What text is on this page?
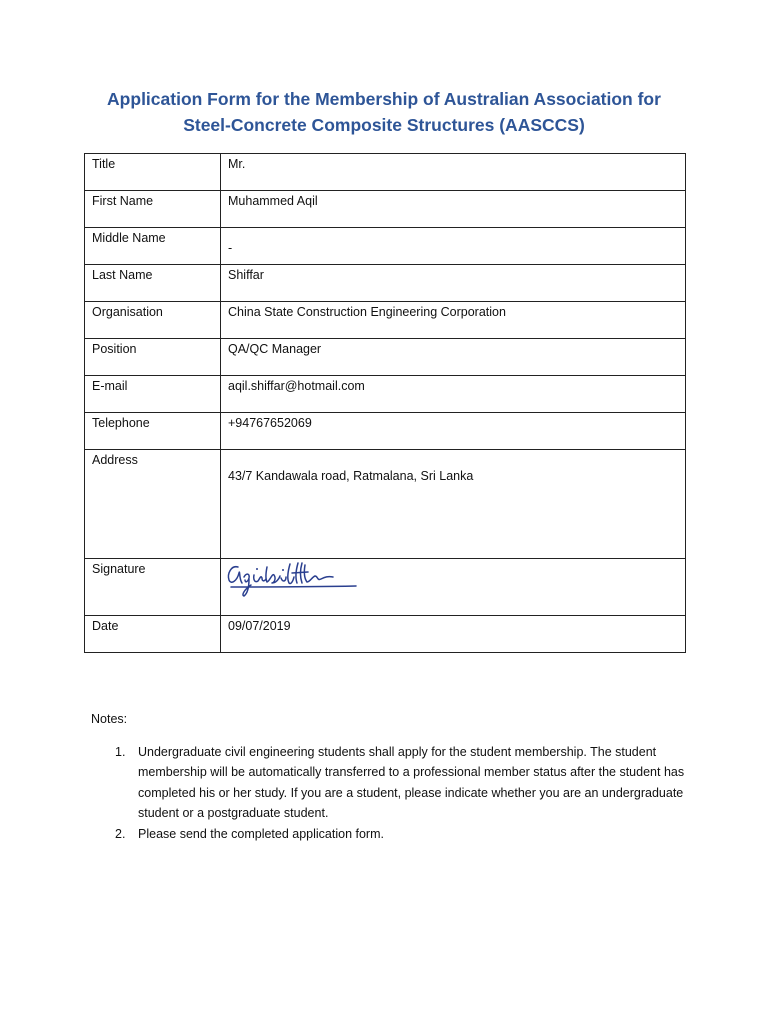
Application Form for the Membership of Australian Association for
Steel-Concrete Composite Structures (AASCCS)
Title	Mr.
First Name	Muhammed Aqil
Middle Name	-

Last Name	Shiffar
Organisation	China State Construction Engineering Corporation
Position	QA/QC Manager
E-mail	aqil.shiffar@hotmail.com
Telephone	+94767652069
Address	43/7 Kandawala road, Ratmalana, Sri Lanka

Signature	

Date	09/07/2019
Notes:
1. Undergraduate civil engineering students shall apply for the student membership. The student membership will be automatically transferred to a professional member status after the student has completed his or her study. If you are a student, please indicate whether you are an undergraduate student or a postgraduate student.
2. Please send the completed application form.
